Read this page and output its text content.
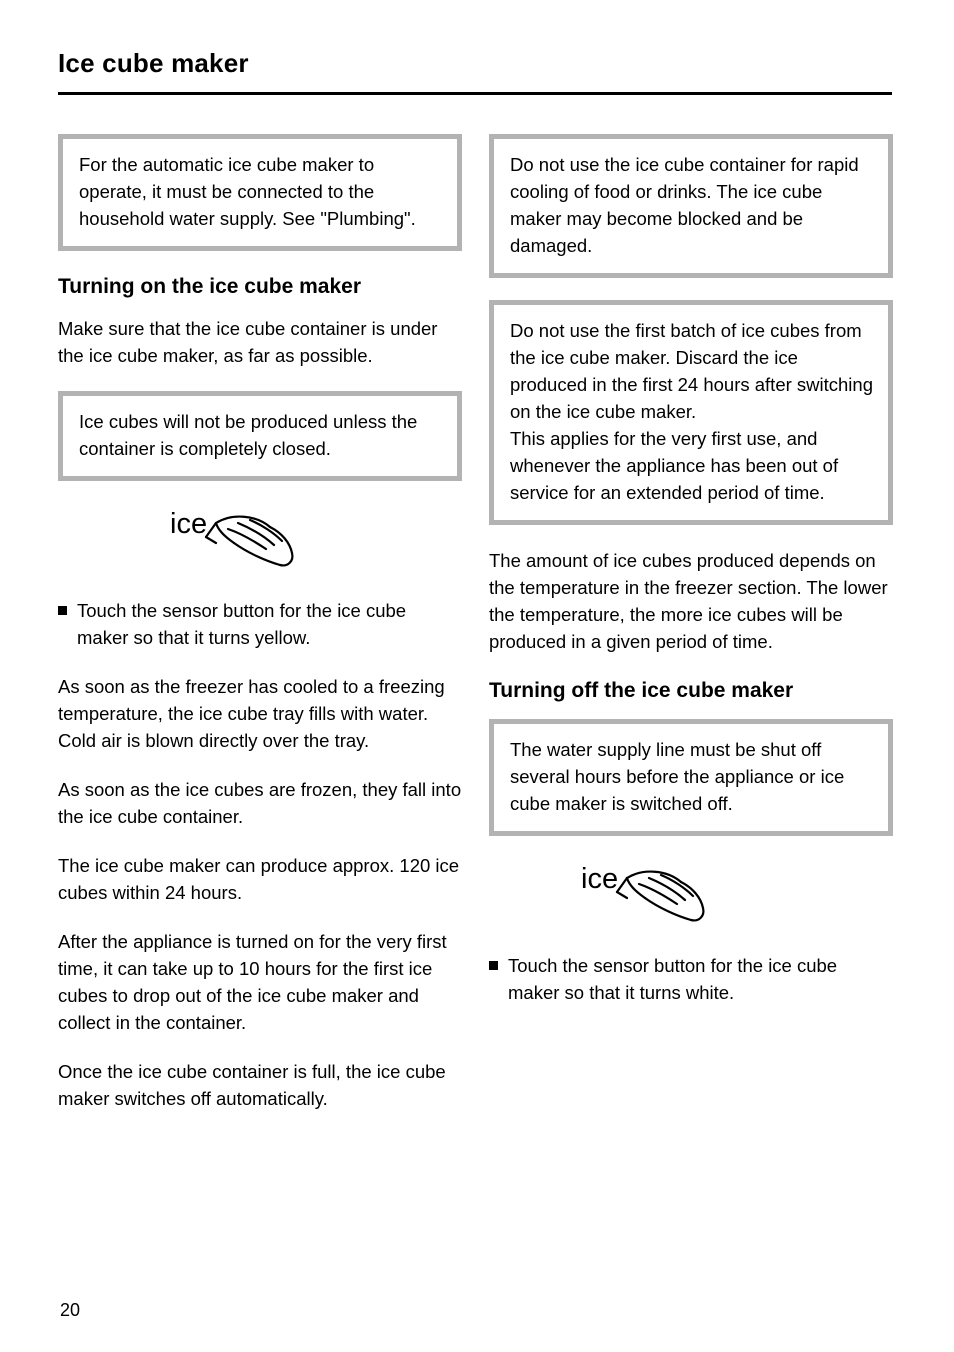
Ice cube maker

For the automatic ice cube maker to operate, it must be connected to the household water supply. See "Plumbing".

Turning on the ice cube maker

Make sure that the ice cube container is under the ice cube maker, as far as possible.

Ice cubes will not be produced unless the container is completely closed.

ice
Touch the sensor button for the ice cube maker so that it turns yellow.

As soon as the freezer has cooled to a freezing temperature, the ice cube tray fills with water. Cold air is blown directly over the tray.

As soon as the ice cubes are frozen, they fall into the ice cube container.

The ice cube maker can produce approx. 120 ice cubes within 24 hours.

After the appliance is turned on for the very first time, it can take up to 10 hours for the first ice cubes to drop out of the ice cube maker and collect in the container.

Once the ice cube container is full, the ice cube maker switches off automatically.

Do not use the ice cube container for rapid cooling of food or drinks. The ice cube maker may become blocked and be damaged.

Do not use the first batch of ice cubes from the ice cube maker. Discard the ice produced in the first 24 hours after switching on the ice cube maker.

This applies for the very first use, and whenever the appliance has been out of service for an extended period of time.

The amount of ice cubes produced depends on the temperature in the freezer section. The lower the temperature, the more ice cubes will be produced in a given period of time.

Turning off the ice cube maker

The water supply line must be shut off several hours before the appliance or ice cube maker is switched off.

ice
Touch the sensor button for the ice cube maker so that it turns white.
20
